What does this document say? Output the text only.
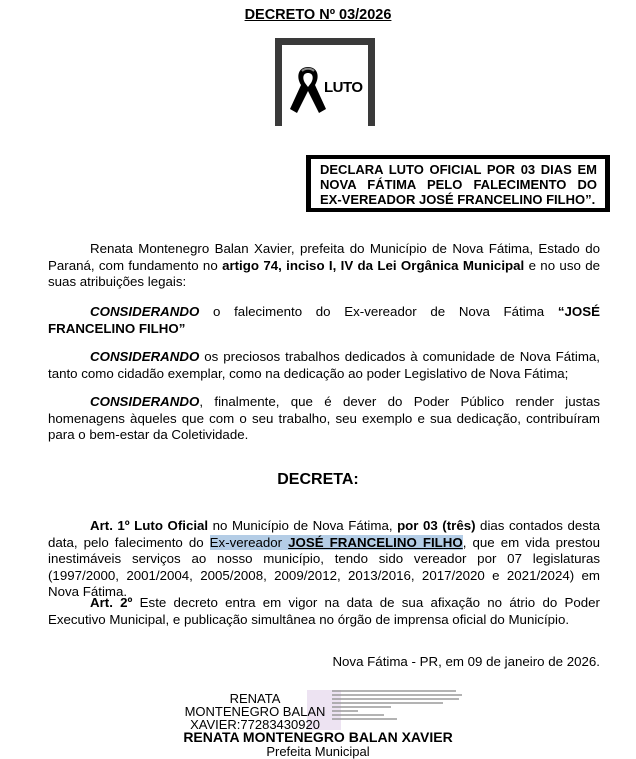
DECRETO Nº 03/2026
LUTO
DECLARA LUTO OFICIAL POR 03 DIAS EM
NOVA FÁTIMA PELO FALECIMENTO DO
EX-VEREADOR JOSÉ FRANCELINO FILHO”.
Renata Montenegro Balan Xavier, prefeita do Município de Nova Fátima, Estado do Paraná, com fundamento no artigo 74, inciso I, IV da Lei Orgânica Municipal e no uso de suas atribuições legais:
CONSIDERANDO o falecimento do Ex-vereador de Nova Fátima “JOSÉ FRANCELINO FILHO”
CONSIDERANDO os preciosos trabalhos dedicados à comunidade de Nova Fátima, tanto como cidadão exemplar, como na dedicação ao poder Legislativo de Nova Fátima;
CONSIDERANDO, finalmente, que é dever do Poder Público render justas homenagens àqueles que com o seu trabalho, seu exemplo e sua dedicação, contribuíram para o bem-estar da Coletividade.
DECRETA:
Art. 1º Luto Oficial no Município de Nova Fátima, por 03 (três) dias contados desta data, pelo falecimento do Ex-vereador JOSÉ FRANCELINO FILHO, que em vida prestou inestimáveis serviços ao nosso município, tendo sido vereador por 07 legislaturas (1997/2000, 2001/2004, 2005/2008, 2009/2012, 2013/2016, 2017/2020 e 2021/2024) em Nova Fátima.
Art. 2º Este decreto entra em vigor na data de sua afixação no átrio do Poder Executivo Municipal, e publicação simultânea no órgão de imprensa oficial do Município.
Nova Fátima - PR, em 09 de janeiro de 2026.
RENATA
MONTENEGRO BALAN
XAVIER:77283430920
RENATA MONTENEGRO BALAN XAVIER
Prefeita Municipal
